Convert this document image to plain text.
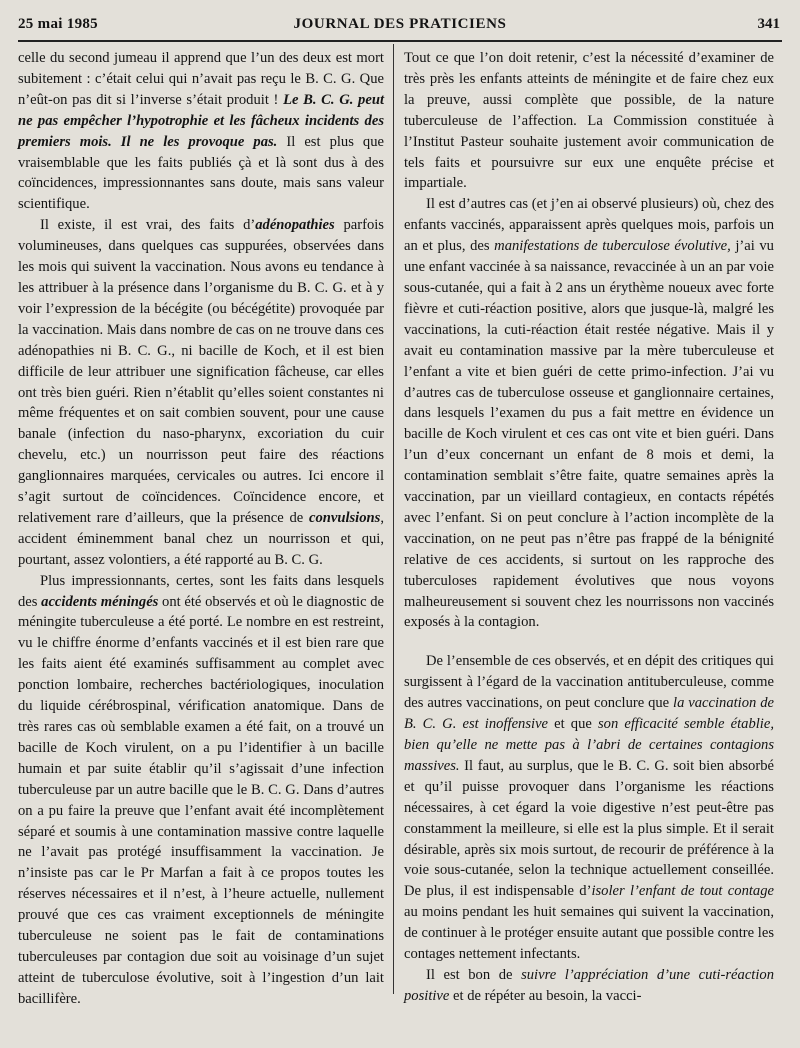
25 mai 1985	JOURNAL DES PRATICIENS	341

celle du second jumeau il apprend que l’un des deux est mort subitement : c’était celui qui n’avait pas reçu le B. C. G. Que n’eût-on pas dit si l’inverse s’était produit ! Le B. C. G. peut ne pas empêcher l’hypotrophie et les fâcheux incidents des premiers mois. Il ne les provoque pas. Il est plus que vraisemblable que les faits publiés çà et là sont dus à des coïncidences, impressionnantes sans doute, mais sans valeur scientifique.

Il existe, il est vrai, des faits d’adénopathies parfois volumineuses, dans quelques cas suppurées, observées dans les mois qui suivent la vaccination. Nous avons eu tendance à les attribuer à la présence dans l’organisme du B. C. G. et à y voir l’expression de la bécégite (ou bécégétite) provoquée par la vaccination. Mais dans nombre de cas on ne trouve dans ces adénopathies ni B. C. G., ni bacille de Koch, et il est bien difficile de leur attribuer une signification fâcheuse, car elles ont très bien guéri. Rien n’établit qu’elles soient constantes ni même fréquentes et on sait combien souvent, pour une cause banale (infection du naso-pharynx, excoriation du cuir chevelu, etc.) un nourrisson peut faire des réactions ganglionnaires marquées, cervicales ou autres. Ici encore il s’agit surtout de coïncidences. Coïncidence encore, et relativement rare d’ailleurs, que la présence de convulsions, accident éminemment banal chez un nourrisson et qui, pourtant, assez volontiers, a été rapporté au B. C. G.

Plus impressionnants, certes, sont les faits dans lesquels des accidents méningés ont été observés et où le diagnostic de méningite tuberculeuse a été porté. Le nombre en est restreint, vu le chiffre énorme d’enfants vaccinés et il est bien rare que les faits aient été examinés suffisamment au complet avec ponction lombaire, recherches bactériologiques, inoculation du liquide cérébrospinal, vérification anatomique. Dans de très rares cas où semblable examen a été fait, on a trouvé un bacille de Koch virulent, on a pu l’identifier à un bacille humain et par suite établir qu’il s’agissait d’une infection tuberculeuse par un autre bacille que le B. C. G. Dans d’autres on a pu faire la preuve que l’enfant avait été incomplètement séparé et soumis à une contamination massive contre laquelle ne l’avait pas protégé insuffisamment la vaccination. Je n’insiste pas car le Pr Marfan a fait à ce propos toutes les réserves nécessaires et il n’est, à l’heure actuelle, nullement prouvé que ces cas vraiment exceptionnels de méningite tuberculeuse ne soient pas le fait de contaminations tuberculeuses par contagion due soit au voisinage d’un sujet atteint de tuberculose évolutive, soit à l’ingestion d’un lait bacillifère.

Tout ce que l’on doit retenir, c’est la nécessité d’examiner de très près les enfants atteints de méningite et de faire chez eux la preuve, aussi complète que possible, de la nature tuberculeuse de l’affection. La Commission constituée à l’Institut Pasteur souhaite justement avoir communication de tels faits et poursuivre sur eux une enquête précise et impartiale.

Il est d’autres cas (et j’en ai observé plusieurs) où, chez des enfants vaccinés, apparaissent après quelques mois, parfois un an et plus, des manifestations de tuberculose évolutive, j’ai vu une enfant vaccinée à sa naissance, revaccinée à un an par voie sous-cutanée, qui a fait à 2 ans un érythème noueux avec forte fièvre et cuti-réaction positive, alors que jusque-là, malgré les vaccinations, la cuti-réaction était restée négative. Mais il y avait eu contamination massive par la mère tuberculeuse et l’enfant a vite et bien guéri de cette primo-infection. J’ai vu d’autres cas de tuberculose osseuse et ganglionnaire certaines, dans lesquels l’examen du pus a fait mettre en évidence un bacille de Koch virulent et ces cas ont vite et bien guéri. Dans l’un d’eux concernant un enfant de 8 mois et demi, la contamination semblait s’être faite, quatre semaines après la vaccination, par un vieillard contagieux, en contacts répétés avec l’enfant. Si on peut conclure à l’action incomplète de la vaccination, on ne peut pas n’être pas frappé de la bénignité relative de ces accidents, si surtout on les rapproche des tuberculoses rapidement évolutives que nous voyons malheureusement si souvent chez les nourrissons non vaccinés exposés à la contagion.

De l’ensemble de ces observés, et en dépit des critiques qui surgissent à l’égard de la vaccination antituberculeuse, comme des autres vaccinations, on peut conclure que la vaccination de B. C. G. est inoffensive et que son efficacité semble établie, bien qu’elle ne mette pas à l’abri de certaines contagions massives. Il faut, au surplus, que le B. C. G. soit bien absorbé et qu’il puisse provoquer dans l’organisme les réactions nécessaires, à cet égard la voie digestive n’est peut-être pas constamment la meilleure, si elle est la plus simple. Et il serait désirable, après six mois surtout, de recourir de préférence à la voie sous-cutanée, selon la technique actuellement conseillée. De plus, il est indispensable d’isoler l’enfant de tout contage au moins pendant les huit semaines qui suivent la vaccination, de continuer à le protéger ensuite autant que possible contre les contages nettement infectants.

Il est bon de suivre l’appréciation d’une cuti-réaction positive et de répéter au besoin, la vacci-
